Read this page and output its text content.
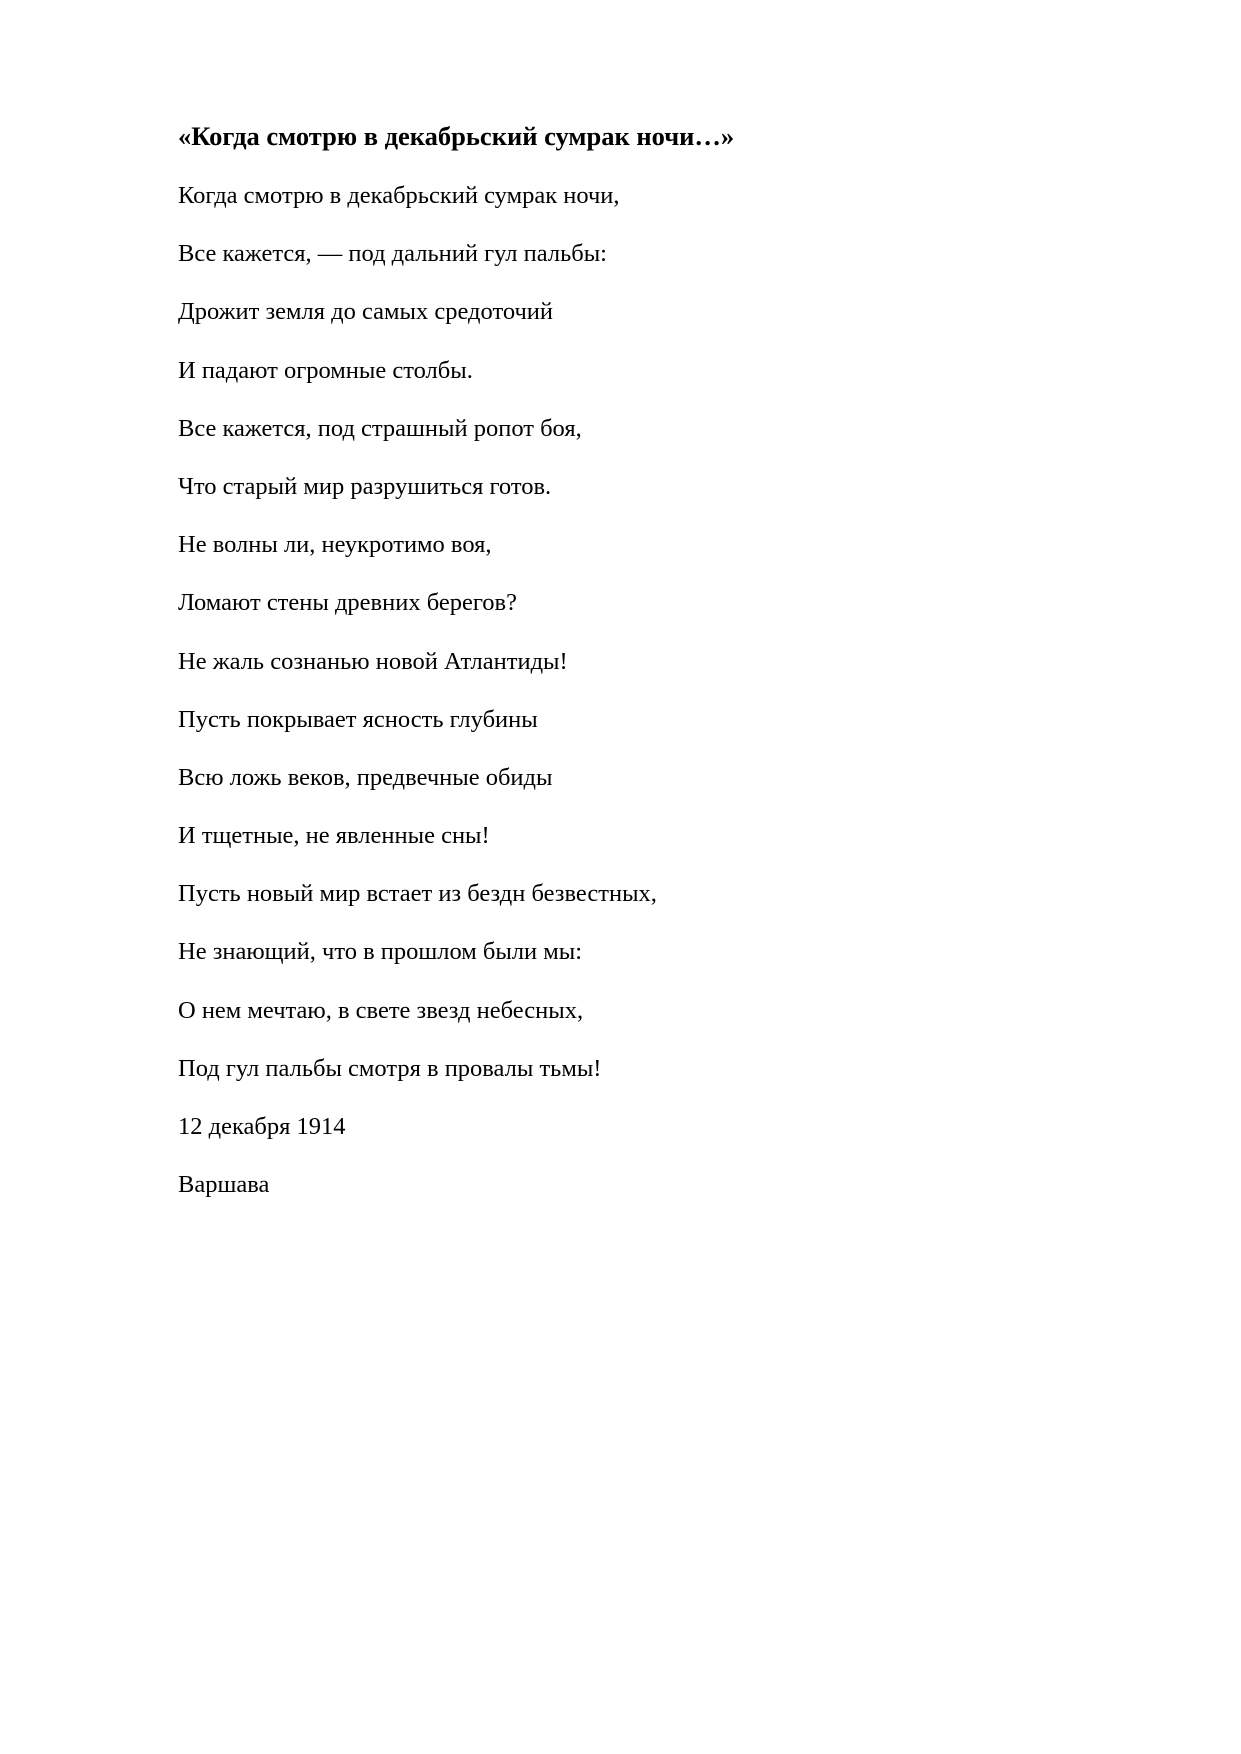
«Когда смотрю в декабрьский сумрак ночи…»
Когда смотрю в декабрьский сумрак ночи,
Все кажется, — под дальний гул пальбы:
Дрожит земля до самых средоточий
И падают огромные столбы.
Все кажется, под страшный ропот боя,
Что старый мир разрушиться готов.
Не волны ли, неукротимо воя,
Ломают стены древних берегов?
Не жаль сознанью новой Атлантиды!
Пусть покрывает ясность глубины
Всю ложь веков, предвечные обиды
И тщетные, не явленные сны!
Пусть новый мир встает из бездн безвестных,
Не знающий, что в прошлом были мы:
О нем мечтаю, в свете звезд небесных,
Под гул пальбы смотря в провалы тьмы!
12 декабря 1914
Варшава
